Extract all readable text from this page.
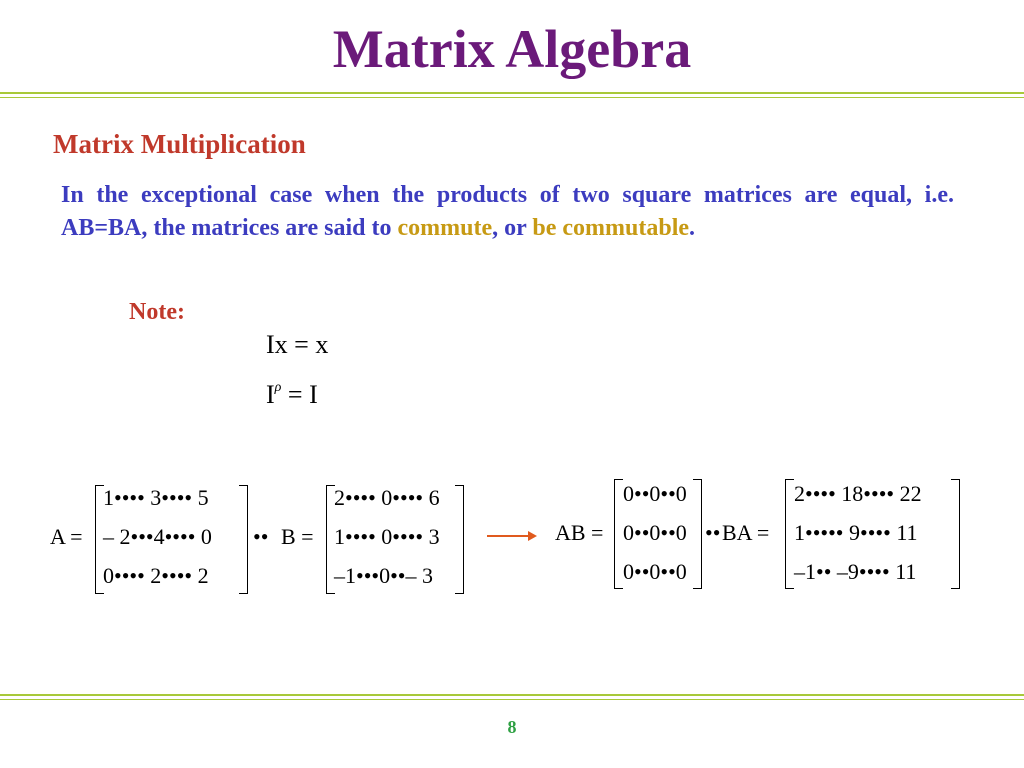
Matrix Algebra
Matrix Multiplication
In the exceptional case when the products of two square matrices are equal, i.e. AB=BA, the matrices are said to commute, or be commutable.
Note:
Ix = x
$I^\rho = I$
A =
1•••• 3•••• 5
– 2•••4•••• 0
0•••• 2•••• 2
•• B =
2•••• 0•••• 6
1•••• 0•••• 3
–1•••0••– 3
AB =
0••0••0
0••0••0
0••0••0
•• BA =
2•••• 18•••• 22
1••••• 9•••• 11
–1•• –9•••• 11
8
